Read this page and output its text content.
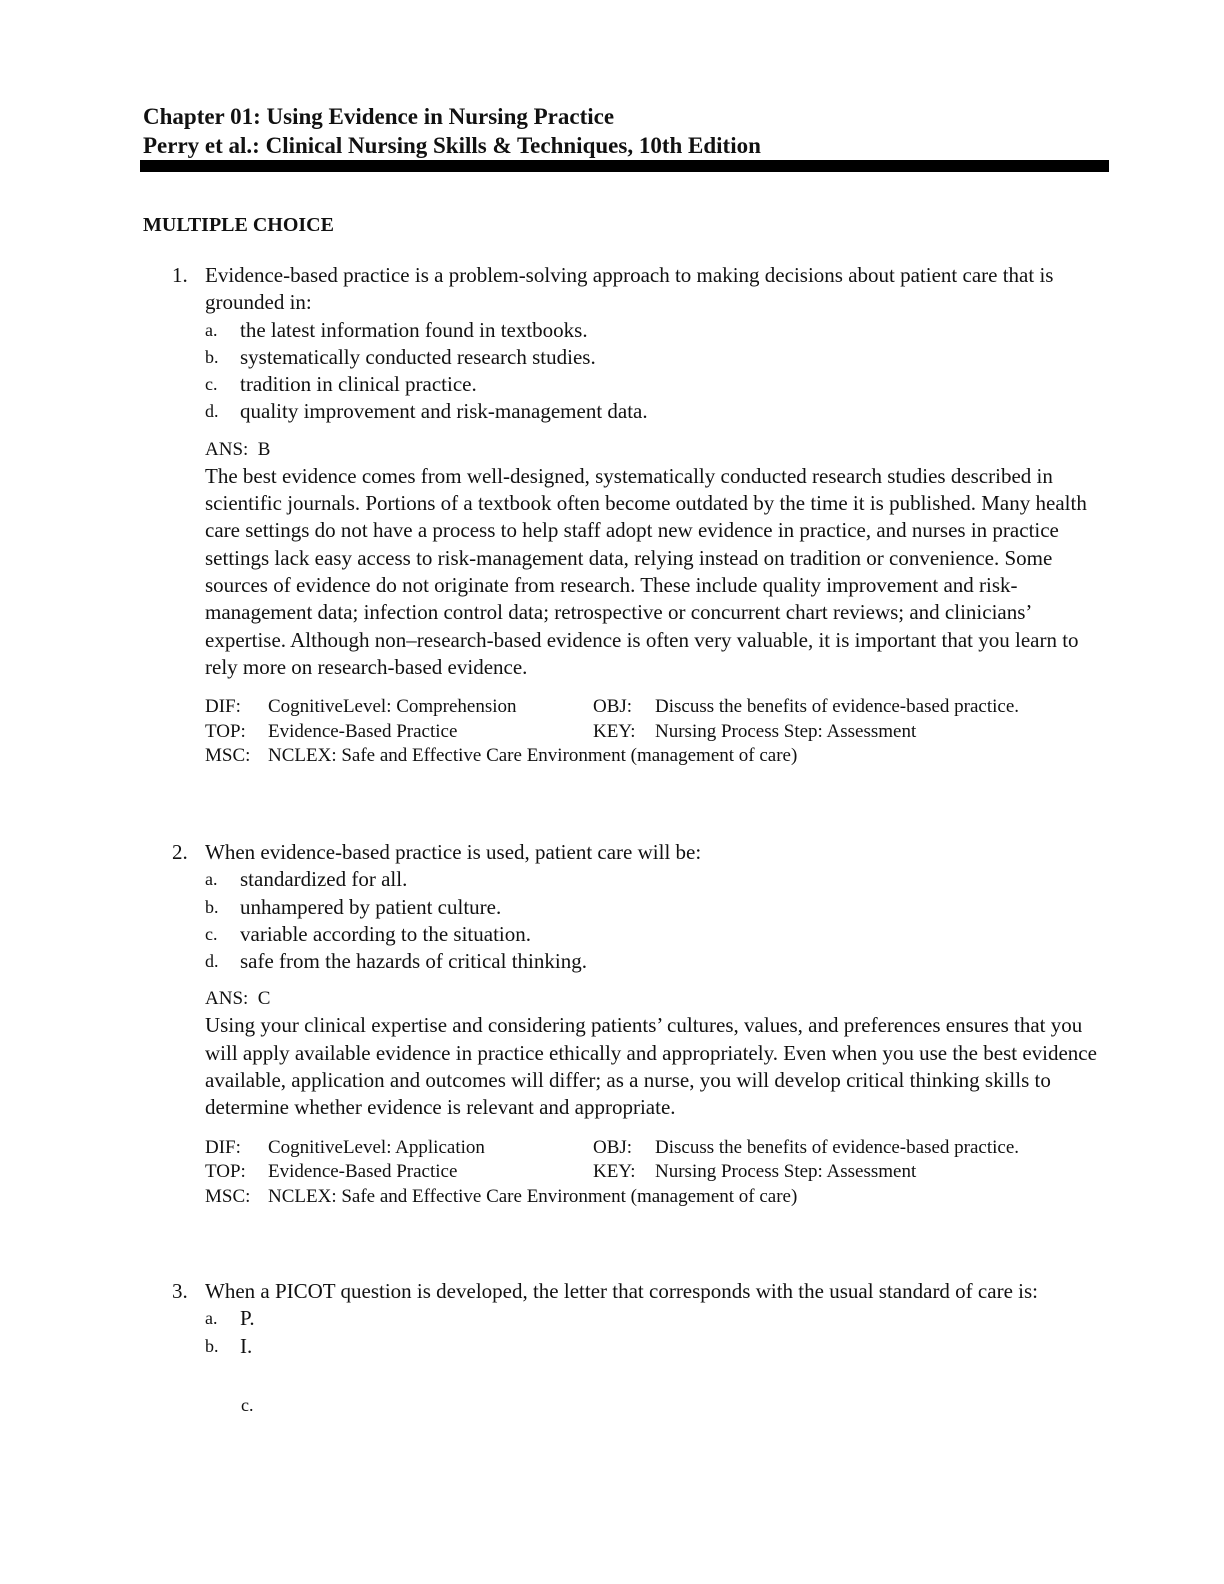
Chapter 01: Using Evidence in Nursing Practice
Perry et al.: Clinical Nursing Skills & Techniques, 10th Edition
MULTIPLE CHOICE
1. Evidence-based practice is a problem-solving approach to making decisions about patient care that is grounded in:
a. the latest information found in textbooks.
b. systematically conducted research studies.
c. tradition in clinical practice.
d. quality improvement and risk-management data.
ANS: B
The best evidence comes from well-designed, systematically conducted research studies described in scientific journals. Portions of a textbook often become outdated by the time it is published. Many health care settings do not have a process to help staff adopt new evidence in practice, and nurses in practice settings lack easy access to risk-management data, relying instead on tradition or convenience. Some sources of evidence do not originate from research. These include quality improvement and risk-management data; infection control data; retrospective or concurrent chart reviews; and clinicians’ expertise. Although non–research-based evidence is often very valuable, it is important that you learn to rely more on research-based evidence.
DIF: CognitiveLevel: Comprehension	OBJ: Discuss the benefits of evidence-based practice.
TOP: Evidence-Based Practice	KEY: Nursing Process Step: Assessment
MSC: NCLEX: Safe and Effective Care Environment (management of care)
2. When evidence-based practice is used, patient care will be:
a. standardized for all.
b. unhampered by patient culture.
c. variable according to the situation.
d. safe from the hazards of critical thinking.
ANS: C
Using your clinical expertise and considering patients’ cultures, values, and preferences ensures that you will apply available evidence in practice ethically and appropriately. Even when you use the best evidence available, application and outcomes will differ; as a nurse, you will develop critical thinking skills to determine whether evidence is relevant and appropriate.
DIF: CognitiveLevel: Application	OBJ: Discuss the benefits of evidence-based practice.
TOP: Evidence-Based Practice	KEY: Nursing Process Step: Assessment
MSC: NCLEX: Safe and Effective Care Environment (management of care)
3. When a PICOT question is developed, the letter that corresponds with the usual standard of care is:
a. P.
b. I.
c.
